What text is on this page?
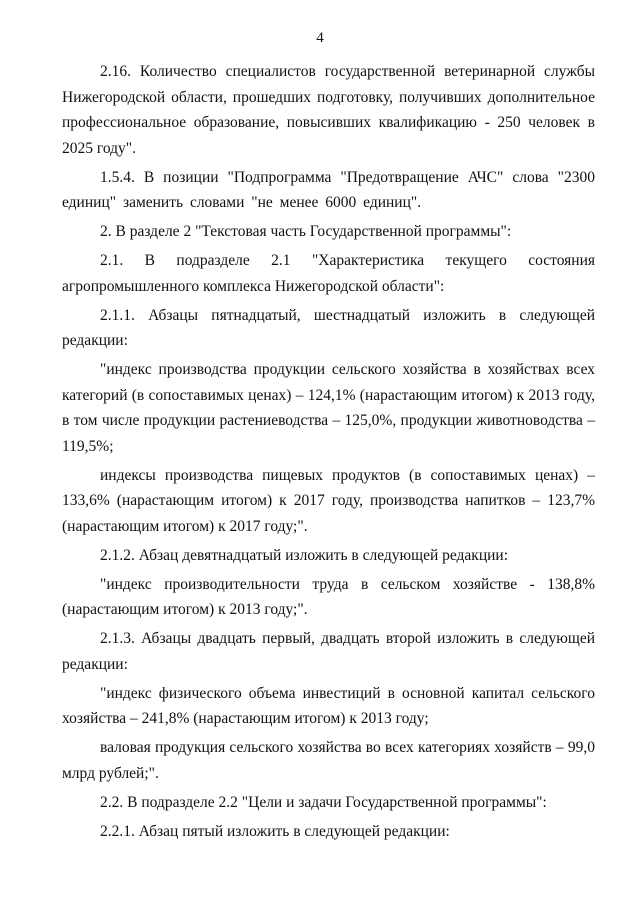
4

2.16. Количество специалистов государственной ветеринарной службы Нижегородской области, прошедших подготовку, получивших дополнительное профессиональное образование, повысивших квалификацию - 250 человек в 2025 году".

1.5.4. В позиции "Подпрограмма "Предотвращение АЧС" слова "2300 единиц" заменить словами "не менее 6000 единиц".

2. В разделе 2 "Текстовая часть Государственной программы":

2.1. В подразделе 2.1 "Характеристика текущего состояния агропромышленного комплекса Нижегородской области":

2.1.1. Абзацы пятнадцатый, шестнадцатый изложить в следующей редакции:

"индекс производства продукции сельского хозяйства в хозяйствах всех категорий (в сопоставимых ценах) – 124,1% (нарастающим итогом) к 2013 году, в том числе продукции растениеводства – 125,0%, продукции животноводства – 119,5%;

индексы производства пищевых продуктов (в сопоставимых ценах) – 133,6% (нарастающим итогом) к 2017 году, производства напитков – 123,7% (нарастающим итогом) к 2017 году;".

2.1.2. Абзац девятнадцатый изложить в следующей редакции:

"индекс производительности труда в сельском хозяйстве - 138,8% (нарастающим итогом) к 2013 году;".

2.1.3. Абзацы двадцать первый, двадцать второй изложить в следующей редакции:

"индекс физического объема инвестиций в основной капитал сельского хозяйства – 241,8% (нарастающим итогом) к 2013 году;

валовая продукция сельского хозяйства во всех категориях хозяйств – 99,0 млрд рублей;".

2.2. В подразделе 2.2 "Цели и задачи Государственной программы":

2.2.1. Абзац пятый изложить в следующей редакции:
